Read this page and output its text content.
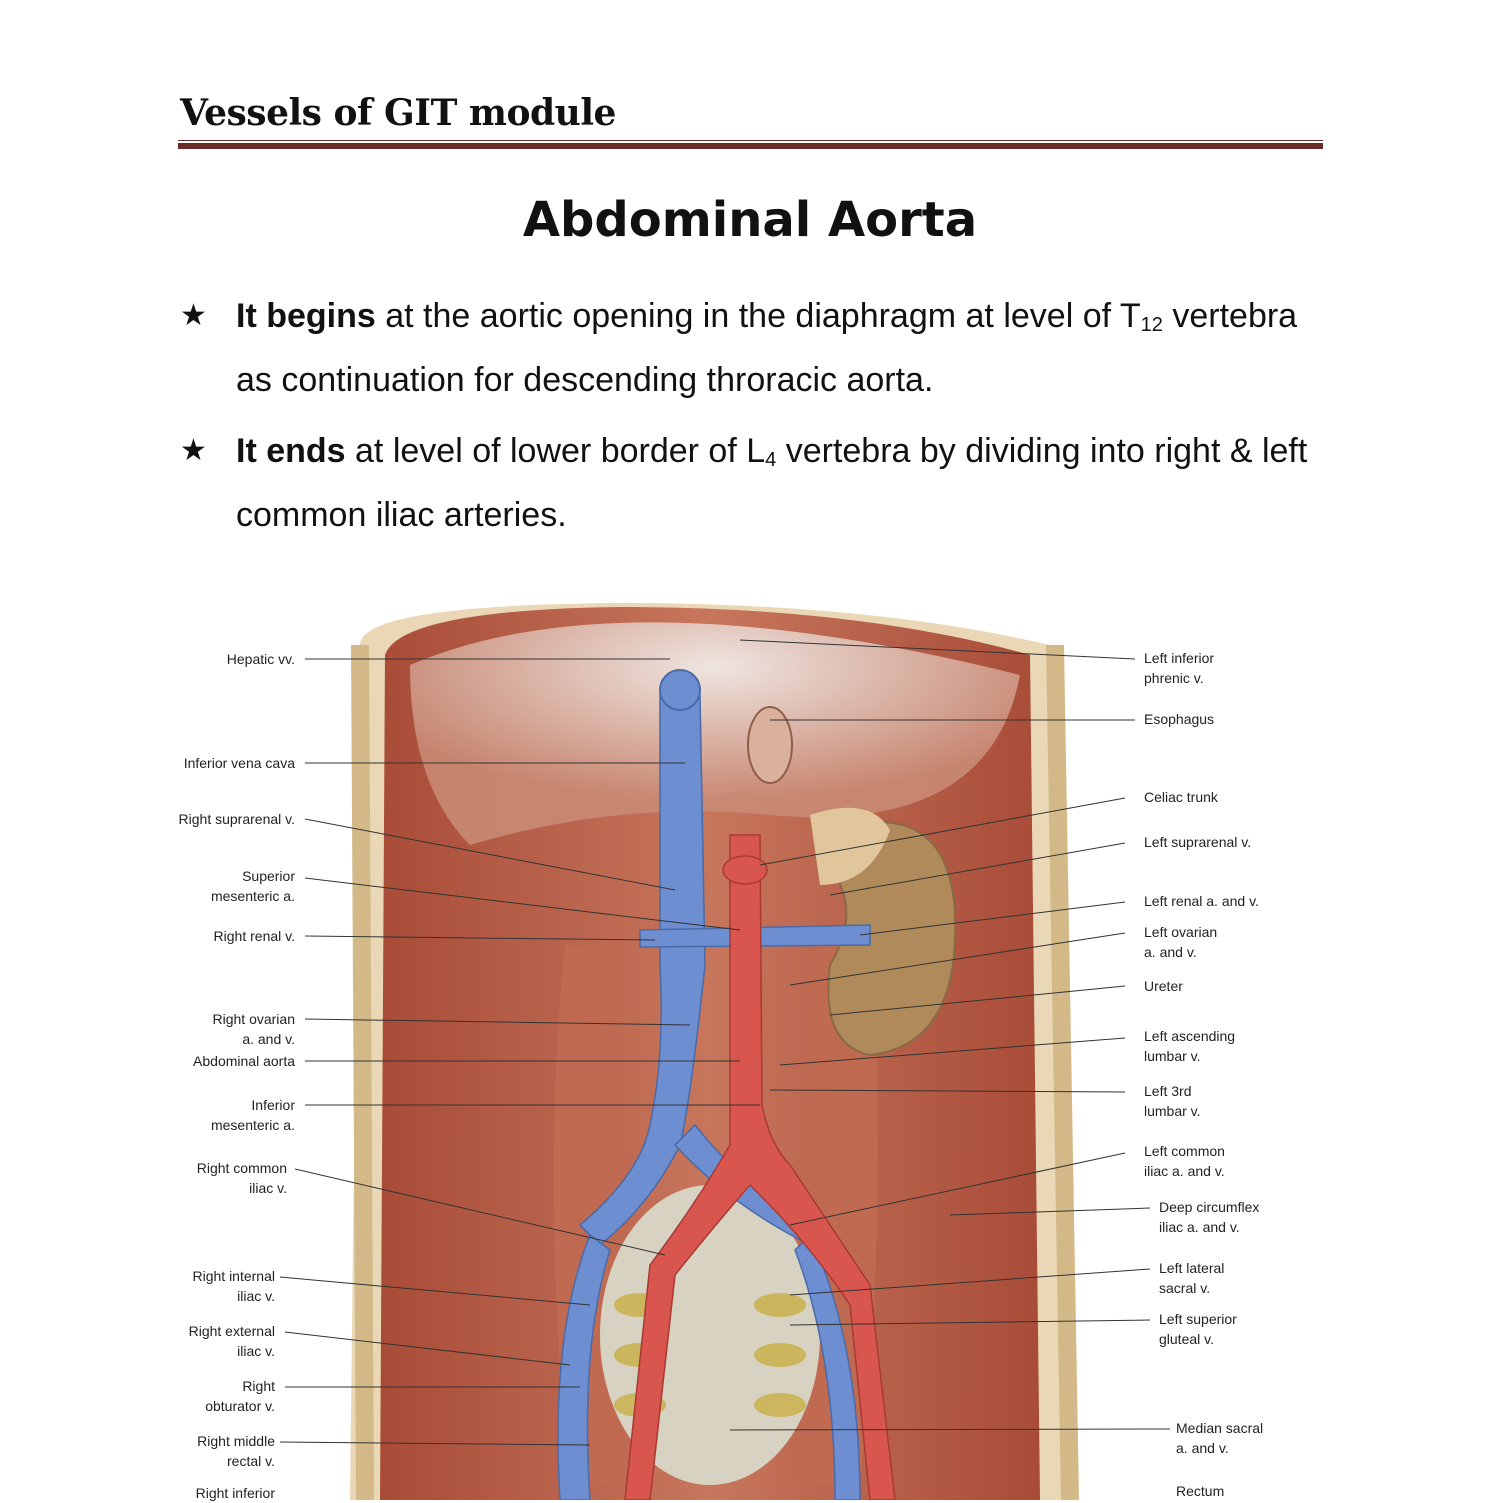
Vessels of GIT module
Abdominal Aorta
★ It begins at the aortic opening in the diaphragm at level of $T_{12}$ vertebra as continuation for descending throracic aorta.
★ It ends at level of lower border of $L_4$ vertebra by dividing into right & left common iliac arteries.
Hepatic vv.
Inferior vena cava
Right suprarenal v.
Superior
mesenteric a.
Right renal v.
Right ovarian
a. and v.
Abdominal aorta
Inferior
mesenteric a.
Right common
iliac v.
Right internal
iliac v.
Right external
iliac v.
Right
obturator v.
Right middle
rectal v.
Right inferior
Left inferior
phrenic v.
Esophagus
Celiac trunk
Left suprarenal v.
Left renal a. and v.
Left ovarian
a. and v.
Ureter
Left ascending
lumbar v.
Left 3rd
lumbar v.
Left common
iliac a. and v.
Deep circumflex
iliac a. and v.
Left lateral
sacral v.
Left superior
gluteal v.
Median sacral
a. and v.
Rectum
